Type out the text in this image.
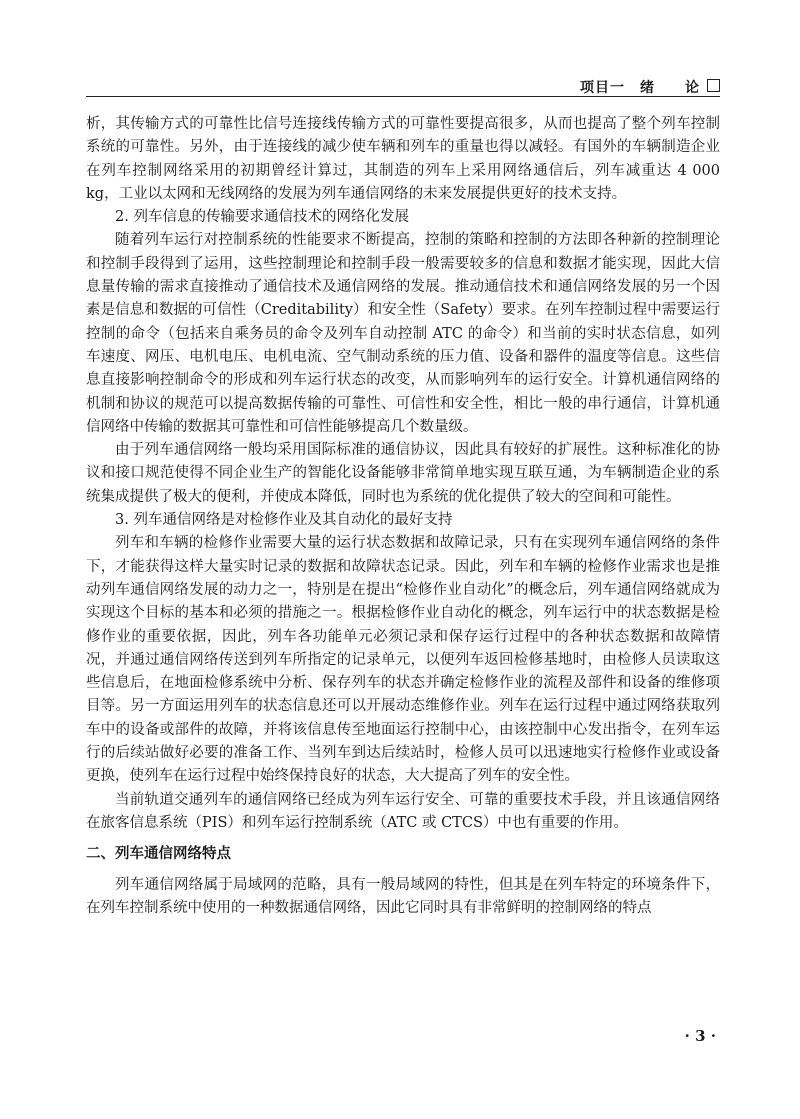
项目一　绪　　论

析，其传输方式的可靠性比信号连接线传输方式的可靠性要提高很多，从而也提高了整个列车控制系统的可靠性。另外，由于连接线的减少使车辆和列车的重量也得以减轻。有国外的车辆制造企业在列车控制网络采用的初期曾经计算过，其制造的列车上采用网络通信后，列车减重达 4 000 kg，工业以太网和无线网络的发展为列车通信网络的未来发展提供更好的技术支持。

2. 列车信息的传输要求通信技术的网络化发展

随着列车运行对控制系统的性能要求不断提高，控制的策略和控制的方法即各种新的控制理论和控制手段得到了运用，这些控制理论和控制手段一般需要较多的信息和数据才能实现，因此大信息量传输的需求直接推动了通信技术及通信网络的发展。推动通信技术和通信网络发展的另一个因素是信息和数据的可信性（Creditability）和安全性（Safety）要求。在列车控制过程中需要运行控制的命令（包括来自乘务员的命令及列车自动控制 ATC 的命令）和当前的实时状态信息，如列车速度、网压、电机电压、电机电流、空气制动系统的压力值、设备和器件的温度等信息。这些信息直接影响控制命令的形成和列车运行状态的改变，从而影响列车的运行安全。计算机通信网络的机制和协议的规范可以提高数据传输的可靠性、可信性和安全性，相比一般的串行通信，计算机通信网络中传输的数据其可靠性和可信性能够提高几个数量级。

由于列车通信网络一般均采用国际标准的通信协议，因此具有较好的扩展性。这种标准化的协议和接口规范使得不同企业生产的智能化设备能够非常简单地实现互联互通，为车辆制造企业的系统集成提供了极大的便利，并使成本降低，同时也为系统的优化提供了较大的空间和可能性。

3. 列车通信网络是对检修作业及其自动化的最好支持

列车和车辆的检修作业需要大量的运行状态数据和故障记录，只有在实现列车通信网络的条件下，才能获得这样大量实时记录的数据和故障状态记录。因此，列车和车辆的检修作业需求也是推动列车通信网络发展的动力之一，特别是在提出“检修作业自动化”的概念后，列车通信网络就成为实现这个目标的基本和必须的措施之一。根据检修作业自动化的概念，列车运行中的状态数据是检修作业的重要依据，因此，列车各功能单元必须记录和保存运行过程中的各种状态数据和故障情况，并通过通信网络传送到列车所指定的记录单元，以便列车返回检修基地时，由检修人员读取这些信息后，在地面检修系统中分析、保存列车的状态并确定检修作业的流程及部件和设备的维修项目等。另一方面运用列车的状态信息还可以开展动态维修作业。列车在运行过程中通过网络获取列车中的设备或部件的故障，并将该信息传至地面运行控制中心，由该控制中心发出指令，在列车运行的后续站做好必要的准备工作、当列车到达后续站时，检修人员可以迅速地实行检修作业或设备更换，使列车在运行过程中始终保持良好的状态，大大提高了列车的安全性。

当前轨道交通列车的通信网络已经成为列车运行安全、可靠的重要技术手段，并且该通信网络在旅客信息系统（PIS）和列车运行控制系统（ATC 或 CTCS）中也有重要的作用。

二、列车通信网络特点

列车通信网络属于局域网的范略，具有一般局域网的特性，但其是在列车特定的环境条件下，在列车控制系统中使用的一种数据通信网络，因此它同时具有非常鲜明的控制网络的特点

· 3 ·
